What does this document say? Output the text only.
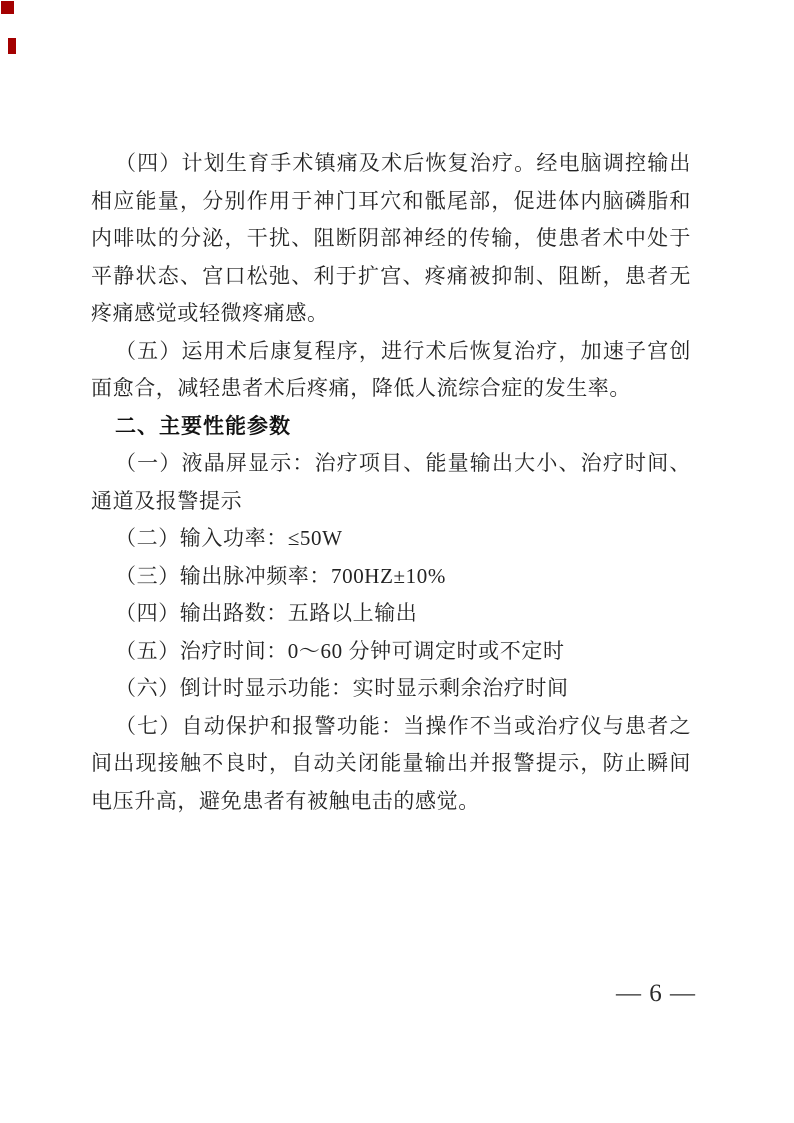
（四）计划生育手术镇痛及术后恢复治疗。经电脑调控输出相应能量，分别作用于神门耳穴和骶尾部，促进体内脑磷脂和内啡呔的分泌，干扰、阻断阴部神经的传输，使患者术中处于平静状态、宫口松弛、利于扩宫、疼痛被抑制、阻断，患者无疼痛感觉或轻微疼痛感。

（五）运用术后康复程序，进行术后恢复治疗，加速子宫创面愈合，减轻患者术后疼痛，降低人流综合症的发生率。

二、主要性能参数

（一）液晶屏显示：治疗项目、能量输出大小、治疗时间、通道及报警提示

（二）输入功率：≤50W

（三）输出脉冲频率：700HZ±10%

（四）输出路数：五路以上输出

（五）治疗时间：0～60 分钟可调定时或不定时

（六）倒计时显示功能：实时显示剩余治疗时间

（七）自动保护和报警功能：当操作不当或治疗仪与患者之间出现接触不良时，自动关闭能量输出并报警提示，防止瞬间电压升高，避免患者有被触电击的感觉。

— 6 —
